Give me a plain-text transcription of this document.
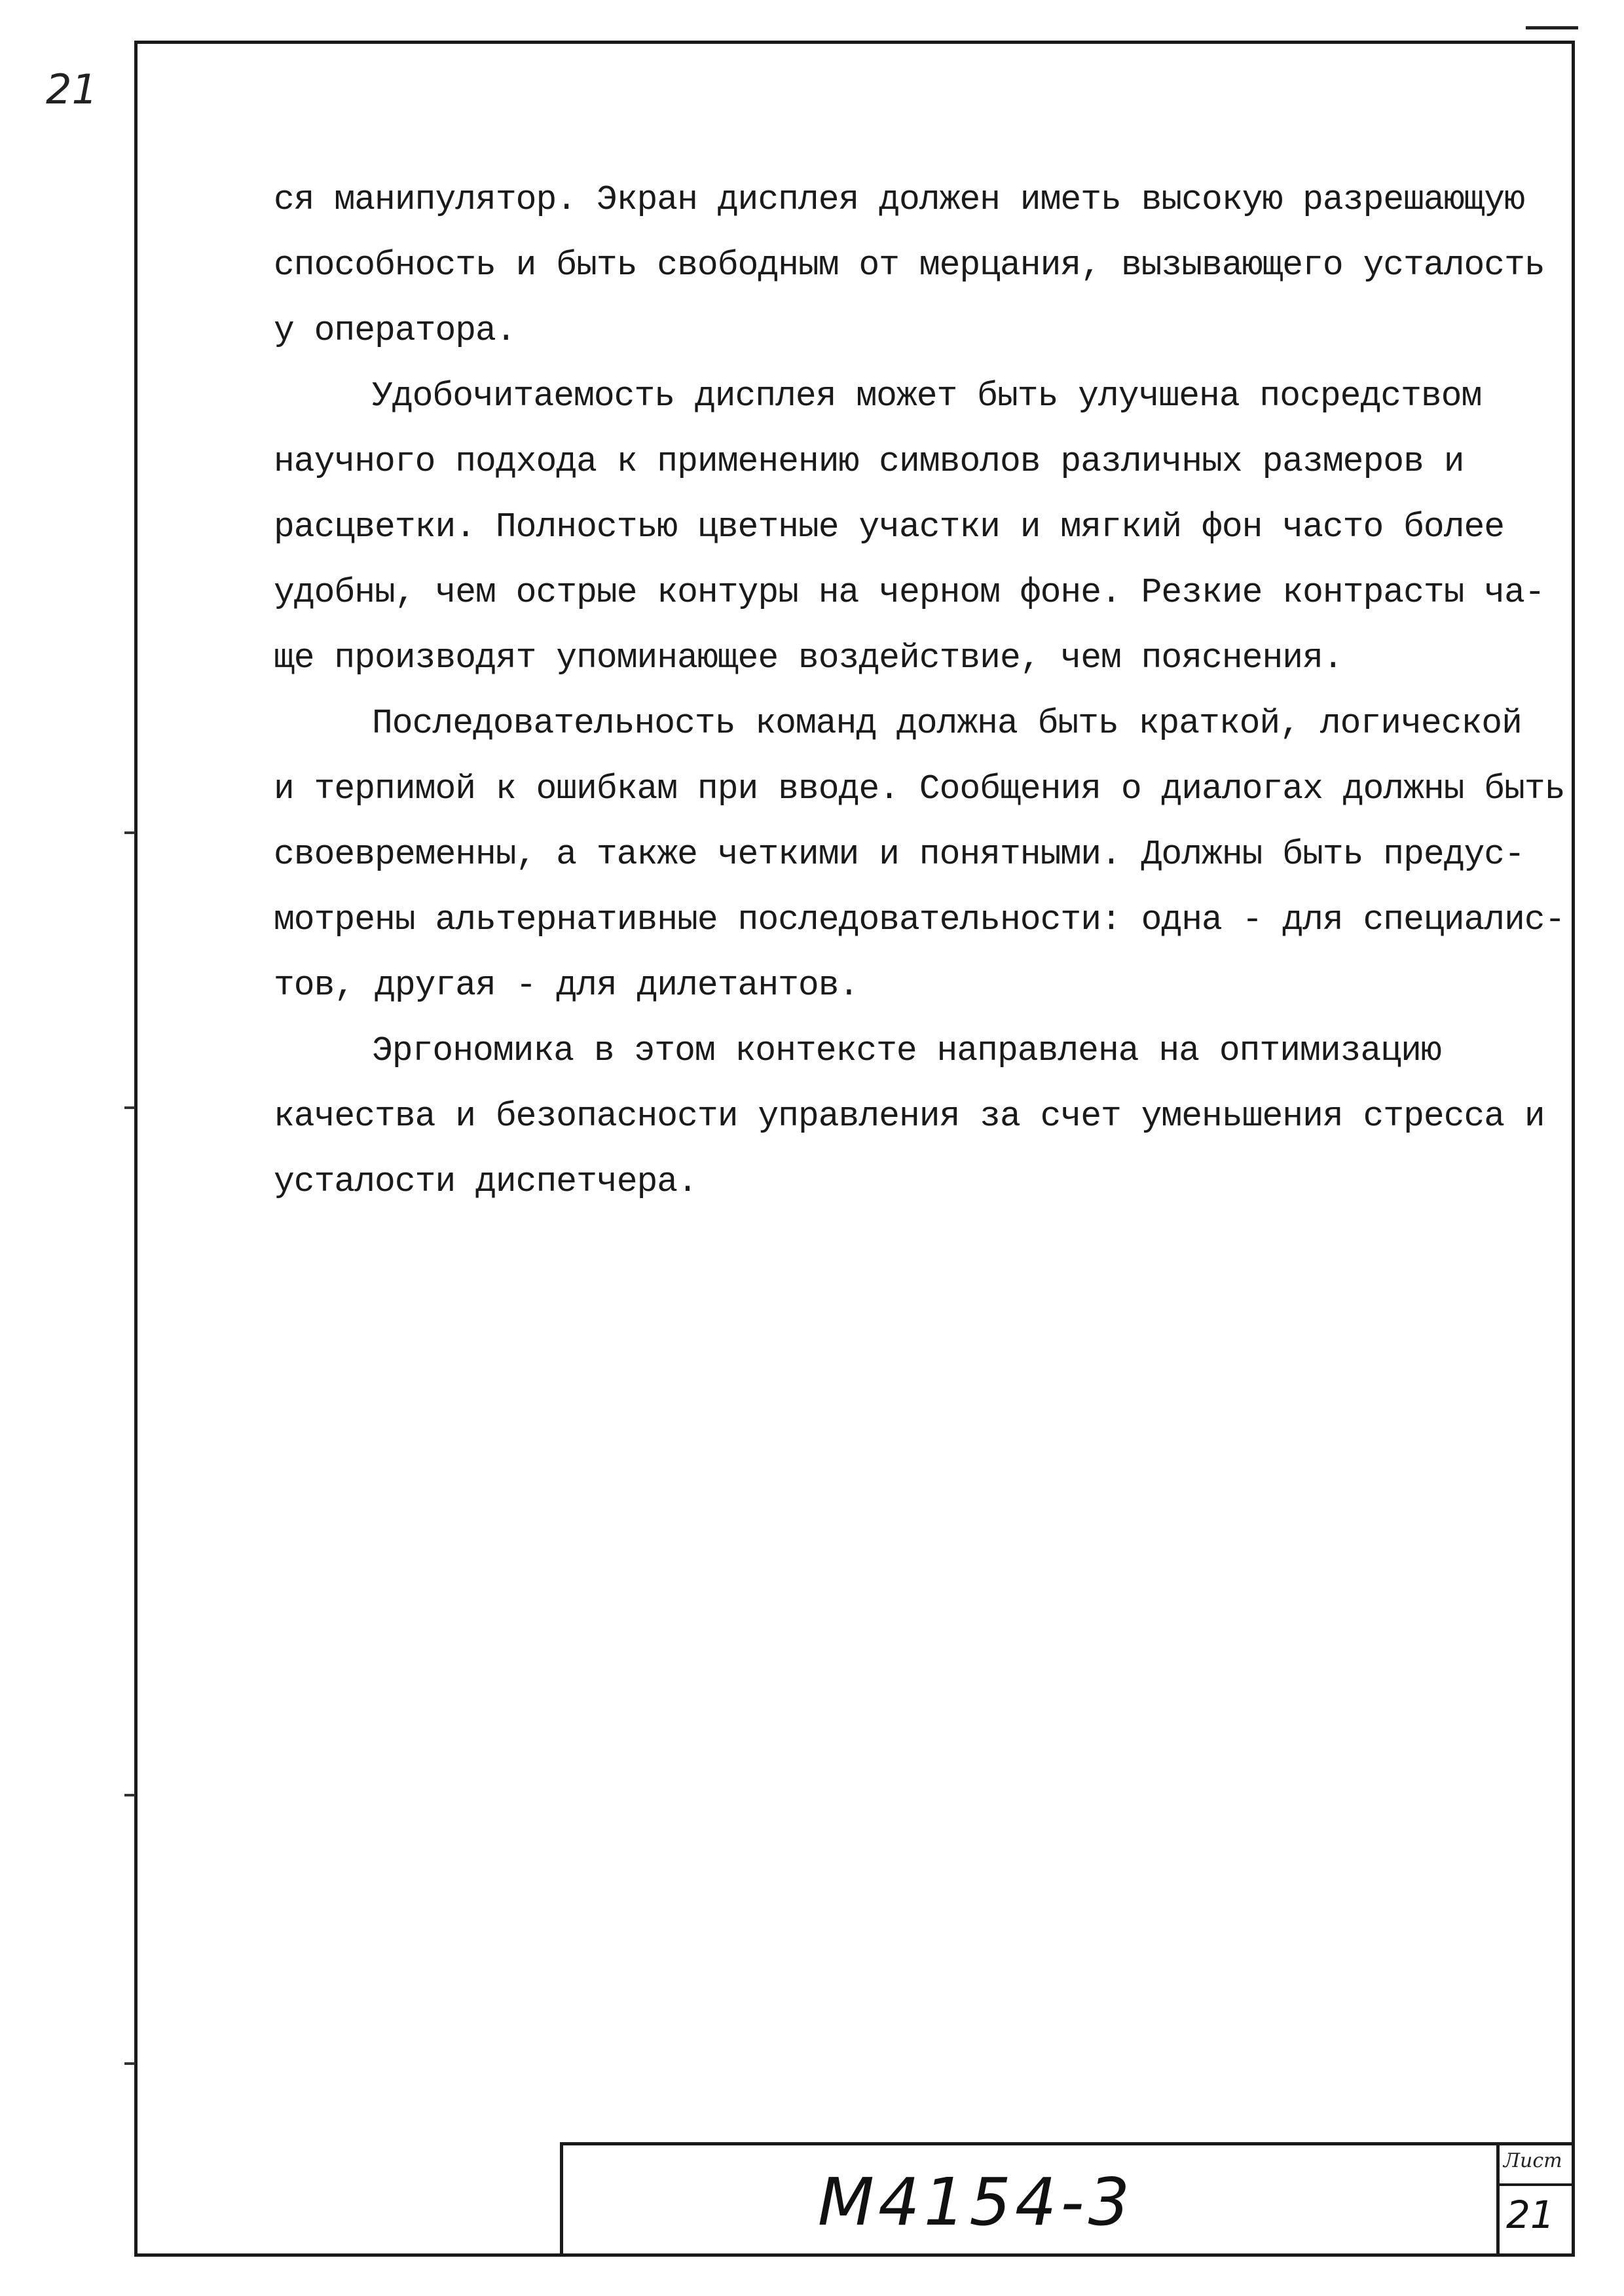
21
ся манипулятор. Экран дисплея должен иметь высокую разрешающую
способность и быть свободным от мерцания, вызывающего усталость
у оператора.
Удобочитаемость дисплея может быть улучшена посредством
научного подхода к применению символов различных размеров и
расцветки. Полностью цветные участки и мягкий фон часто более
удобны, чем острые контуры на черном фоне. Резкие контрасты ча-
ще производят упоминающее воздействие, чем пояснения.
Последовательность команд должна быть краткой, логической
и терпимой к ошибкам при вводе. Сообщения о диалогах должны быть
своевременны, а также четкими и понятными. Должны быть предус-
мотрены альтернативные последовательности: одна - для специалис-
тов, другая - для дилетантов.
Эргономика в этом контексте направлена на оптимизацию
качества и безопасности управления за счет уменьшения стресса и
усталости диспетчера.
М4154-3
Лист
21
